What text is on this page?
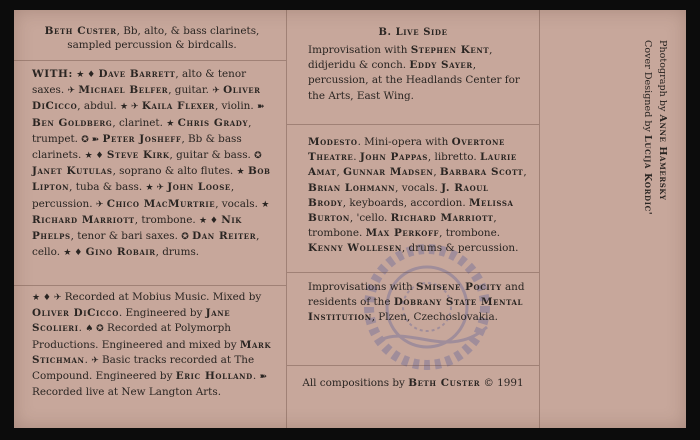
Beth Custer, Bb, alto, & bass clarinets,
sampled percussion & birdcalls.
WITH: ★ ♦ Dave Barrett, alto & tenor saxes. ✈ Michael Belfer, guitar. ✈ Oliver DiCicco, abdul. ★ ✈ Kaila Flexer, violin. ➽ Ben Goldberg, clarinet. ★ Chris Grady, trumpet. ✪ ➽ Peter Josheff, Bb & bass clarinets. ★ ♦ Steve Kirk, guitar & bass. ✪ Janet Kutulas, soprano & alto flutes. ★ Bob Lipton, tuba & bass. ★ ✈ John Loose, percussion. ✈ Chico MacMurtrie, vocals. ★ Richard Marriott, trombone. ★ ♦ Nik Phelps, tenor & bari saxes. ✪ Dan Reiter, cello. ★ ♦ Gino Robair, drums.
★ ♦ ✈ Recorded at Mobius Music. Mixed by Oliver DiCicco. Engineered by Jane Scolieri. ♠ ✪ Recorded at Polymorph Productions. Engineered and mixed by Mark Stichman. ✈ Basic tracks recorded at The Compound. Engineered by Eric Holland. ➽ Recorded live at New Langton Arts.
B. Live Side
Improvisation with Stephen Kent, didjeridu & conch. Eddy Sayer, percussion, at the Headlands Center for the Arts, East Wing.
Modesto. Mini-opera with Overtone Theatre. John Pappas, libretto. Laurie Amat, Gunnar Madsen, Barbara Scott, Brian Lohmann, vocals. J. Raoul Brody, keyboards, accordion. Melissa Burton, 'cello. Richard Marriott, trombone. Max Perkoff, trombone. Kenny Wollesen, drums & percussion.
Improvisations with Smisene Pocity and residents of the Dobrany State Mental Institution, Plzen, Czechoslovakia.
All compositions by Beth Custer © 1991
Photograph by Anne Hamersky
Cover Designed by Lucija Kordic'
